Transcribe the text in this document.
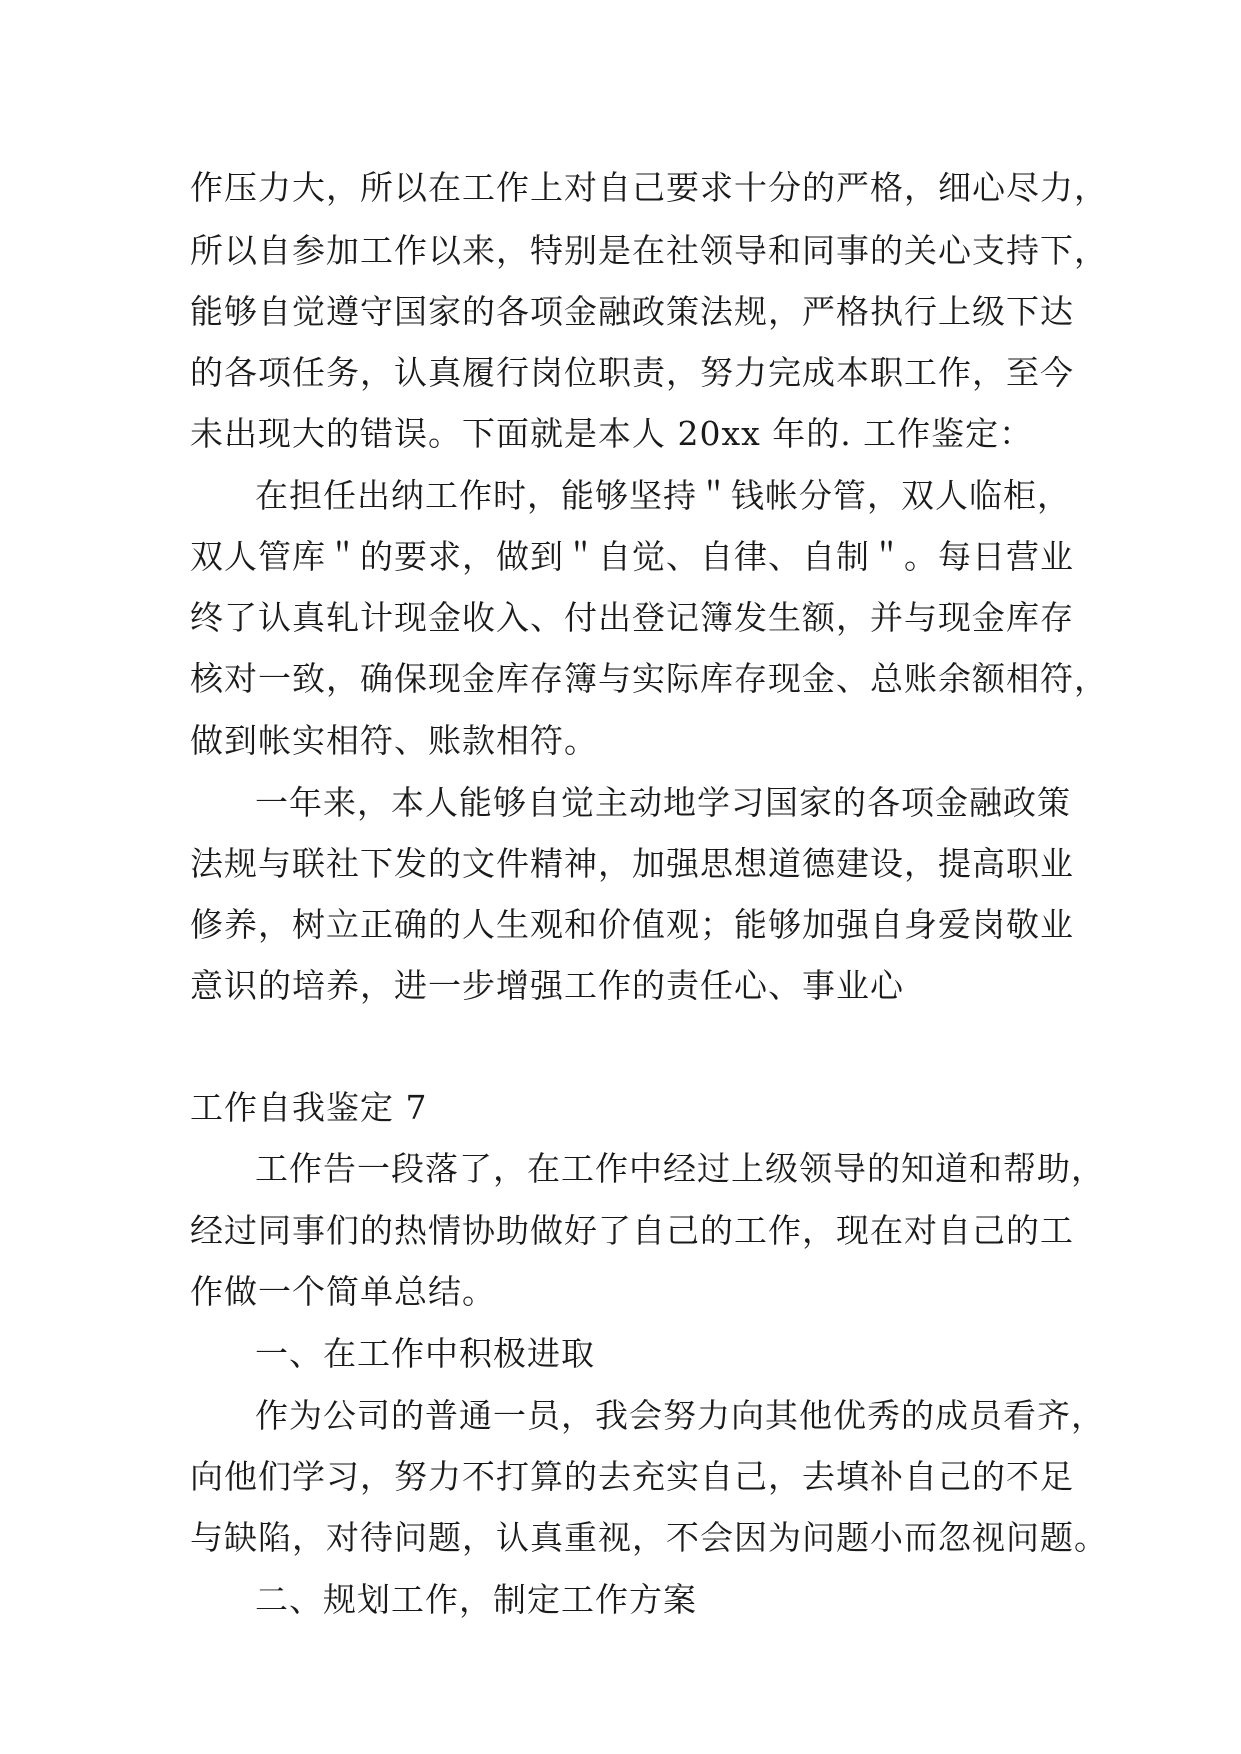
作压力大，所以在工作上对自己要求十分的严格，细心尽力，
所以自参加工作以来，特别是在社领导和同事的关心支持下，
能够自觉遵守国家的各项金融政策法规，严格执行上级下达
的各项任务，认真履行岗位职责，努力完成本职工作，至今
未出现大的错误。下面就是本人 20xx 年的. 工作鉴定：
在担任出纳工作时，能够坚持＂钱帐分管，双人临柜，
双人管库＂的要求，做到＂自觉、自律、自制＂。每日营业
终了认真轧计现金收入、付出登记簿发生额，并与现金库存
核对一致，确保现金库存簿与实际库存现金、总账余额相符，
做到帐实相符、账款相符。
一年来，本人能够自觉主动地学习国家的各项金融政策
法规与联社下发的文件精神，加强思想道德建设，提高职业
修养，树立正确的人生观和价值观；能够加强自身爱岗敬业
意识的培养，进一步增强工作的责任心、事业心
工作自我鉴定 7
工作告一段落了，在工作中经过上级领导的知道和帮助，
经过同事们的热情协助做好了自己的工作，现在对自己的工
作做一个简单总结。
一、在工作中积极进取
作为公司的普通一员，我会努力向其他优秀的成员看齐，
向他们学习，努力不打算的去充实自己，去填补自己的不足
与缺陷，对待问题，认真重视，不会因为问题小而忽视问题。
二、规划工作，制定工作方案
